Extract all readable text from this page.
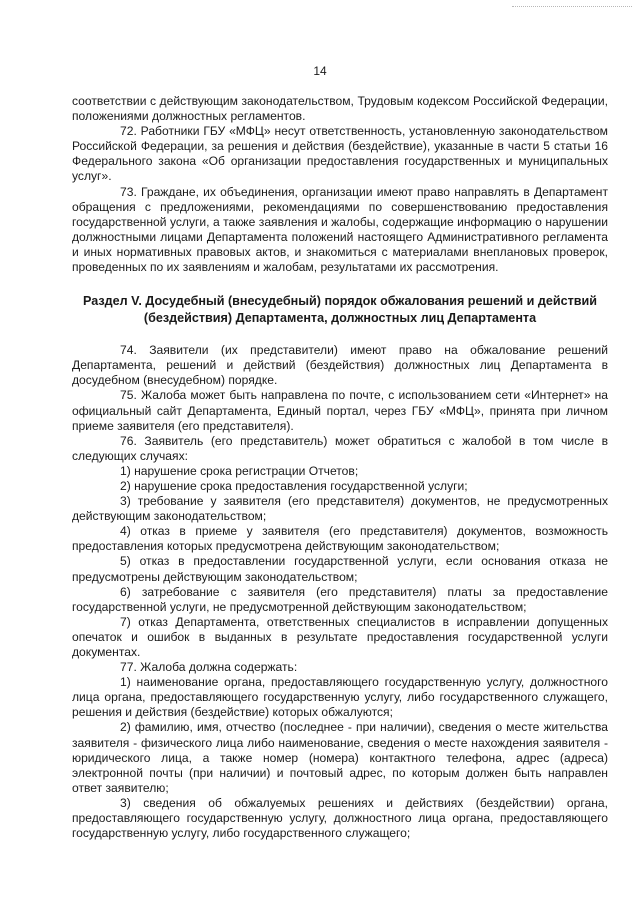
14

соответствии с действующим законодательством, Трудовым кодексом Российской Федерации, положениями должностных регламентов.

72. Работники ГБУ «МФЦ» несут ответственность, установленную законодательством Российской Федерации, за решения и действия (бездействие), указанные в части 5 статьи 16 Федерального закона «Об организации предоставления государственных и муниципальных услуг».

73. Граждане, их объединения, организации имеют право направлять в Департамент обращения с предложениями, рекомендациями по совершенствованию предоставления государственной услуги, а также заявления и жалобы, содержащие информацию о нарушении должностными лицами Департамента положений настоящего Административного регламента и иных нормативных правовых актов, и знакомиться с материалами внеплановых проверок, проведенных по их заявлениям и жалобам, результатами их рассмотрения.

Раздел V. Досудебный (внесудебный) порядок обжалования решений и действий (бездействия) Департамента, должностных лиц Департамента

74. Заявители (их представители) имеют право на обжалование решений Департамента, решений и действий (бездействия) должностных лиц Департамента в досудебном (внесудебном) порядке.

75. Жалоба может быть направлена по почте, с использованием сети «Интернет» на официальный сайт Департамента, Единый портал, через ГБУ «МФЦ», принята при личном приеме заявителя (его представителя).

76. Заявитель (его представитель) может обратиться с жалобой в том числе в следующих случаях:

1) нарушение срока регистрации Отчетов;

2) нарушение срока предоставления государственной услуги;

3) требование у заявителя (его представителя) документов, не предусмотренных действующим законодательством;

4) отказ в приеме у заявителя (его представителя) документов, возможность предоставления которых предусмотрена действующим законодательством;

5) отказ в предоставлении государственной услуги, если основания отказа не предусмотрены действующим законодательством;

6) затребование с заявителя (его представителя) платы за предоставление государственной услуги, не предусмотренной действующим законодательством;

7) отказ Департамента, ответственных специалистов в исправлении допущенных опечаток и ошибок в выданных в результате предоставления государственной услуги документах.

77. Жалоба должна содержать:

1) наименование органа, предоставляющего государственную услугу, должностного лица органа, предоставляющего государственную услугу, либо государственного служащего, решения и действия (бездействие) которых обжалуются;

2) фамилию, имя, отчество (последнее - при наличии), сведения о месте жительства заявителя - физического лица либо наименование, сведения о месте нахождения заявителя - юридического лица, а также номер (номера) контактного телефона, адрес (адреса) электронной почты (при наличии) и почтовый адрес, по которым должен быть направлен ответ заявителю;

3) сведения об обжалуемых решениях и действиях (бездействии) органа, предоставляющего государственную услугу, должностного лица органа, предоставляющего государственную услугу, либо государственного служащего;
